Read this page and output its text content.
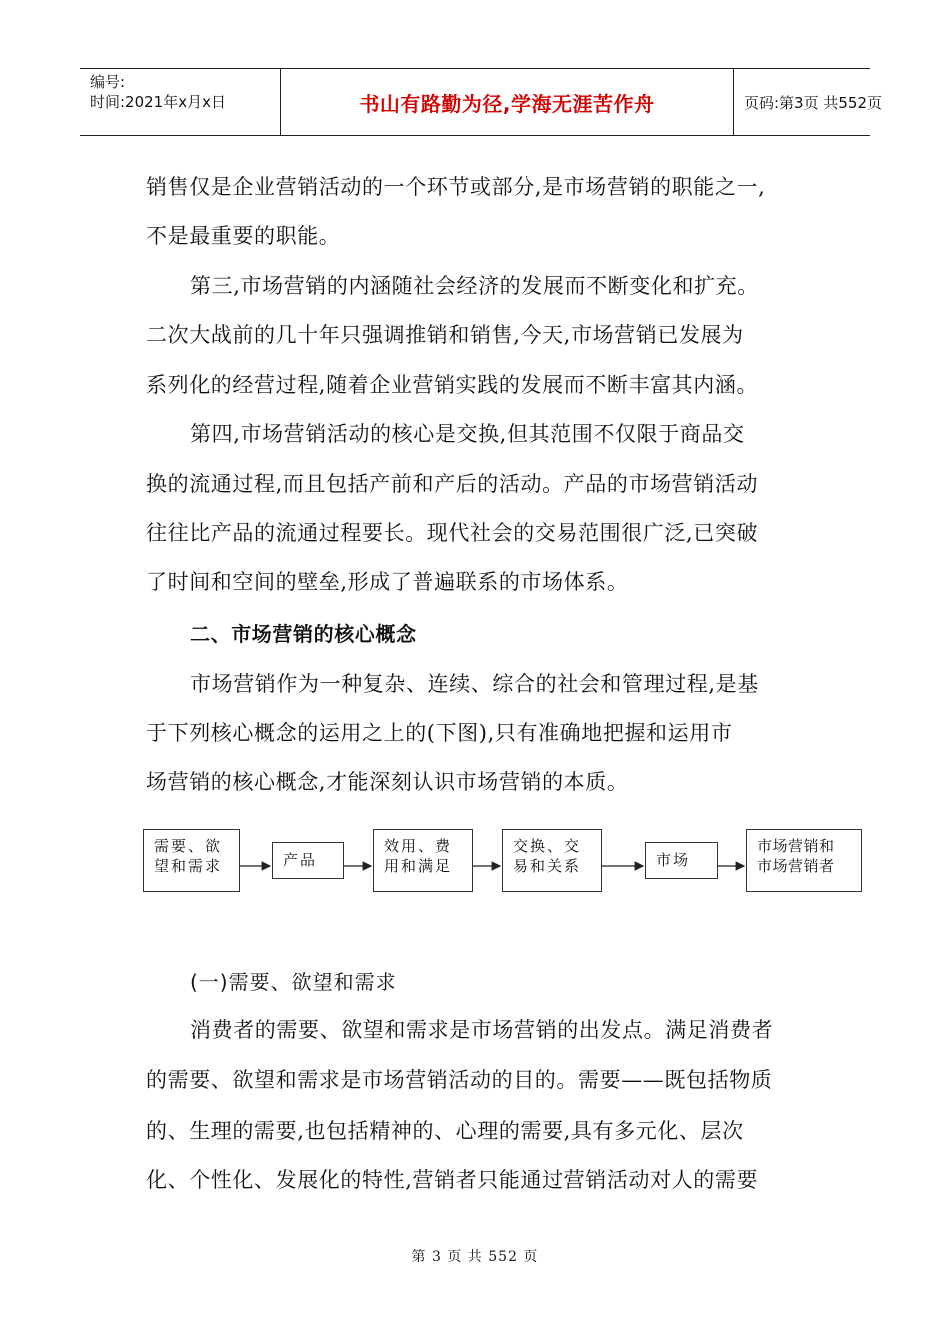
编号:
时间:2021年x月x日	书山有路勤为径,学海无涯苦作舟	页码:第3页 共552页
销售仅是企业营销活动的一个环节或部分,是市场营销的职能之一,
不是最重要的职能。
第三,市场营销的内涵随社会经济的发展而不断变化和扩充。
二次大战前的几十年只强调推销和销售,今天,市场营销已发展为
系列化的经营过程,随着企业营销实践的发展而不断丰富其内涵。
第四,市场营销活动的核心是交换,但其范围不仅限于商品交
换的流通过程,而且包括产前和产后的活动。产品的市场营销活动
往往比产品的流通过程要长。现代社会的交易范围很广泛,已突破
了时间和空间的壁垒,形成了普遍联系的市场体系。
二、市场营销的核心概念
市场营销作为一种复杂、连续、综合的社会和管理过程,是基
于下列核心概念的运用之上的(下图),只有准确地把握和运用市
场营销的核心概念,才能深刻认识市场营销的本质。
需要、欲
望和需求	产品
效用、费
用和满足
交换、交
易和关系	市场
市场营销和
市场营销者
(一)需要、欲望和需求
消费者的需要、欲望和需求是市场营销的出发点。满足消费者
的需要、欲望和需求是市场营销活动的目的。需要——既包括物质
的、生理的需要,也包括精神的、心理的需要,具有多元化、层次
化、个性化、发展化的特性,营销者只能通过营销活动对人的需要
第 3 页 共 552 页
